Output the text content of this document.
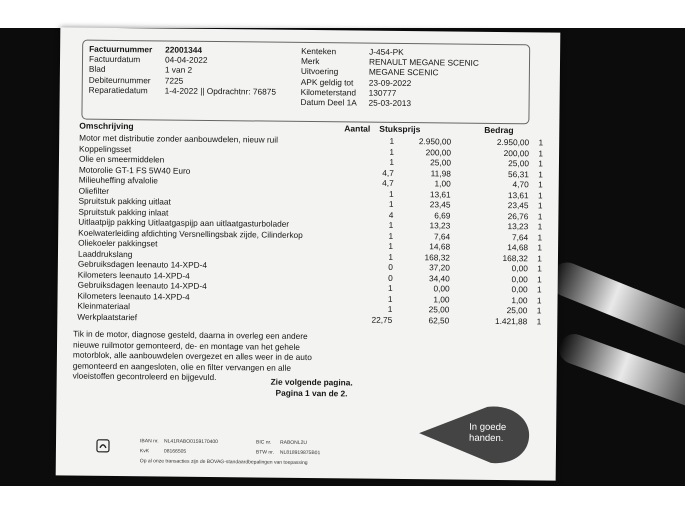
Factuurnummer 22001344
Factuurdatum	04-04-2022
Blad	1 van 2
Debiteurnummer 7225
Reparatiedatum 1-4-2022 || Opdrachtnr: 76875
Kenteken	J-454-PK
Merk	RENAULT MEGANE SCENIC
Uitvoering	MEGANE SCENIC
APK geldig tot 23-09-2022
Kilometerstand 130777
Datum Deel 1A 25-03-2013
Omschrijving	Aantal Stuksprijs	Bedrag
Motor met distributie zonder aanbouwdelen, nieuw ruil	1	2.950,00	2.950,00 1
Koppelingsset	1	200,00	200,00 1
Olie en smeermiddelen	1	25,00	25,00 1
Motorolie GT-1 FS 5W40 Euro	4,7	11,98	56,31 1
Milieuheffing afvalolie	4,7	1,00	4,70 1
Oliefilter	1	13,61	13,61 1
Spruitstuk pakking uitlaat	1	23,45	23,45 1
Spruitstuk pakking inlaat	4	6,69	26,76 1
Uitlaatpijp pakking Uitlaatgaspijp aan uitlaatgasturbolader	1	13,23	13,23 1
Koelwaterleiding afdichting Versnellingsbak zijde, Cilinderkop	1	7,64	7,64 1
Oliekoeler pakkingset	1	14,68	14,68 1
Laaddrukslang	1	168,32	168,32 1
Gebruiksdagen leenauto 14-XPD-4	0	37,20	0,00 1
Kilometers leenauto 14-XPD-4	0	34,40	0,00 1
Gebruiksdagen leenauto 14-XPD-4	1	0,00	0,00 1
Kilometers leenauto 14-XPD-4	1	1,00	1,00 1
Kleinmateriaal	1	25,00	25,00 1
Werkplaatstarief	22,75	62,50	1.421,88 1
Tik in de motor, diagnose gesteld, daarna in overleg een andere
nieuwe ruilmotor gemonteerd, de- en montage van het gehele
motorblok, alle aanbouwdelen overgezet en alles weer in de auto
gemonteerd en aangesloten, olie en filter vervangen en alle
vloeistoffen gecontroleerd en bijgevuld.	Zie volgende pagina.
Pagina 1 van de 2.
IBAN nr. NL41RABO0159170400	BIC nr. RABONL2U
KvK	08166505	BTW nr. NL818919875B01
Op al onze transacties zijn de BOVAG-standaardbepalingen van toepassing
In goede
handen.
